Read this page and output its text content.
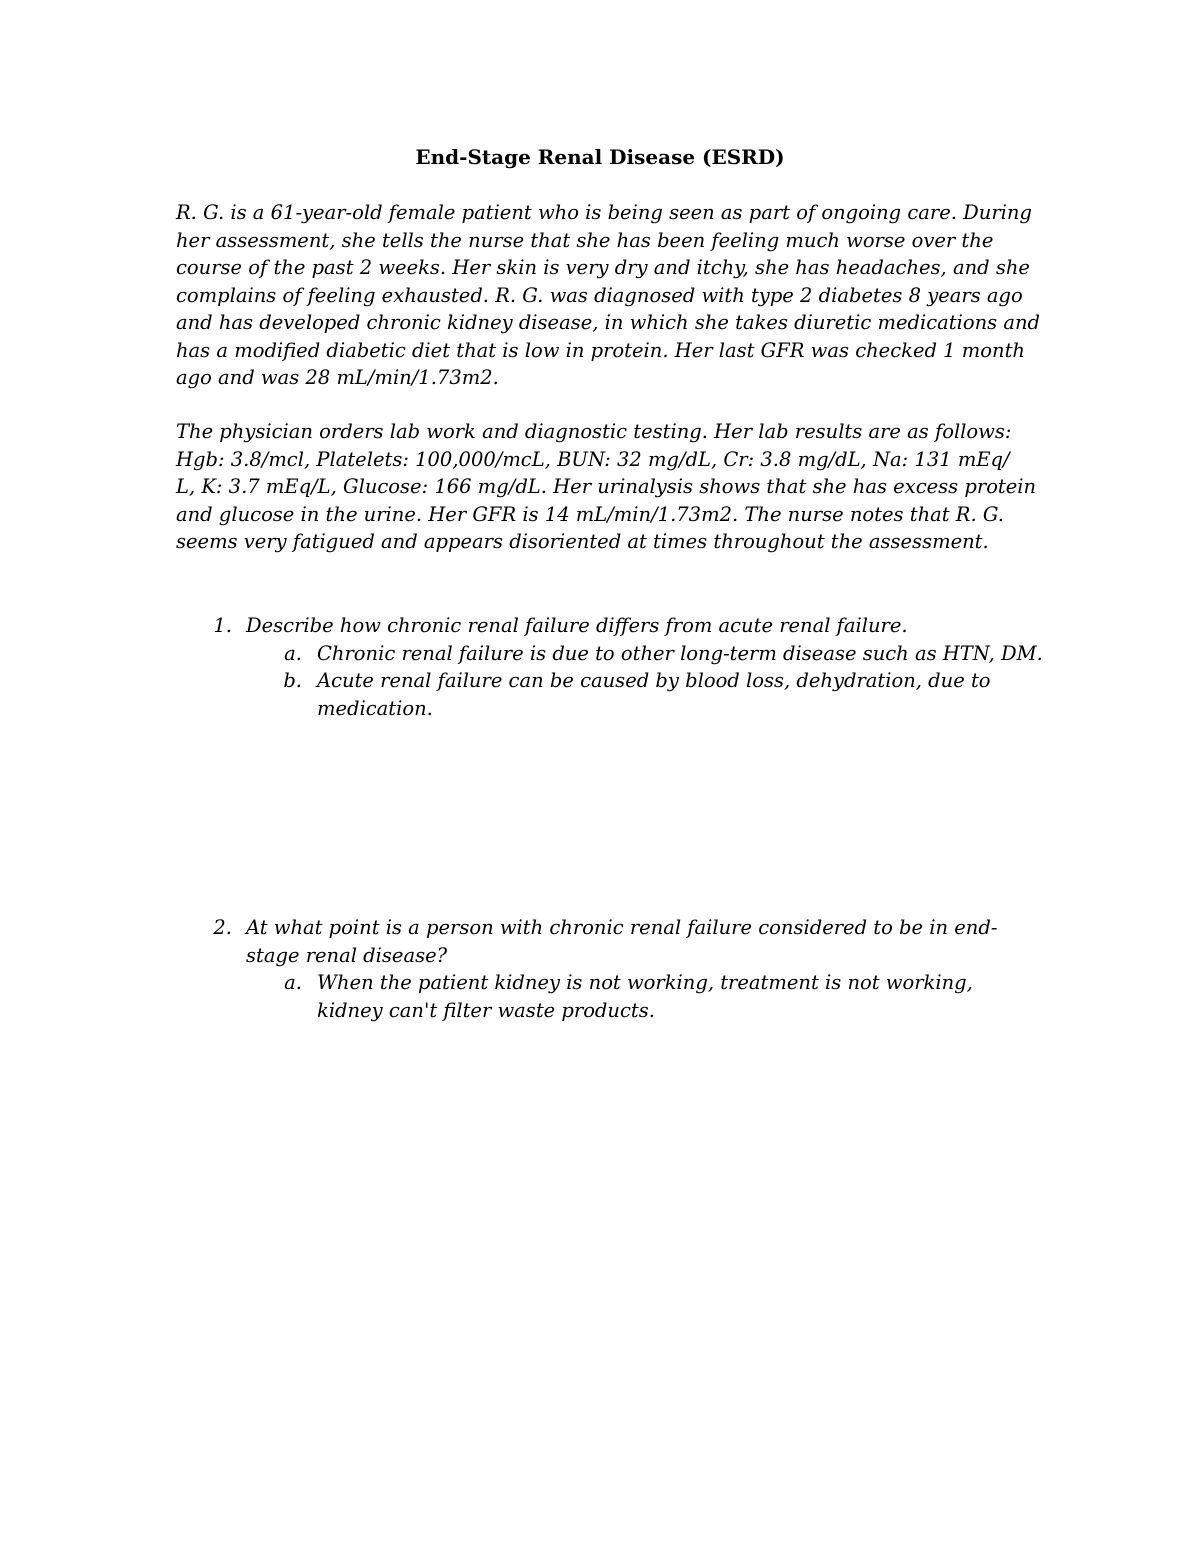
End-Stage Renal Disease (ESRD)
R. G. is a 61-year-old female patient who is being seen as part of ongoing care. During
her assessment, she tells the nurse that she has been feeling much worse over the
course of the past 2 weeks. Her skin is very dry and itchy, she has headaches, and she
complains of feeling exhausted. R. G. was diagnosed with type 2 diabetes 8 years ago
and has developed chronic kidney disease, in which she takes diuretic medications and
has a modified diabetic diet that is low in protein. Her last GFR was checked 1 month
ago and was 28 mL/min/1.73m2.
The physician orders lab work and diagnostic testing. Her lab results are as follows:
Hgb: 3.8/mcl, Platelets: 100,000/mcL, BUN: 32 mg/dL, Cr: 3.8 mg/dL, Na: 131 mEq/
L, K: 3.7 mEq/L, Glucose: 166 mg/dL. Her urinalysis shows that she has excess protein
and glucose in the urine. Her GFR is 14 mL/min/1.73m2. The nurse notes that R. G.
seems very fatigued and appears disoriented at times throughout the assessment.
1. Describe how chronic renal failure differs from acute renal failure.
a. Chronic renal failure is due to other long-term disease such as HTN, DM.
b. Acute renal failure can be caused by blood loss, dehydration, due to
medication.
2. At what point is a person with chronic renal failure considered to be in end-
stage renal disease?
a. When the patient kidney is not working, treatment is not working,
kidney can't filter waste products.
